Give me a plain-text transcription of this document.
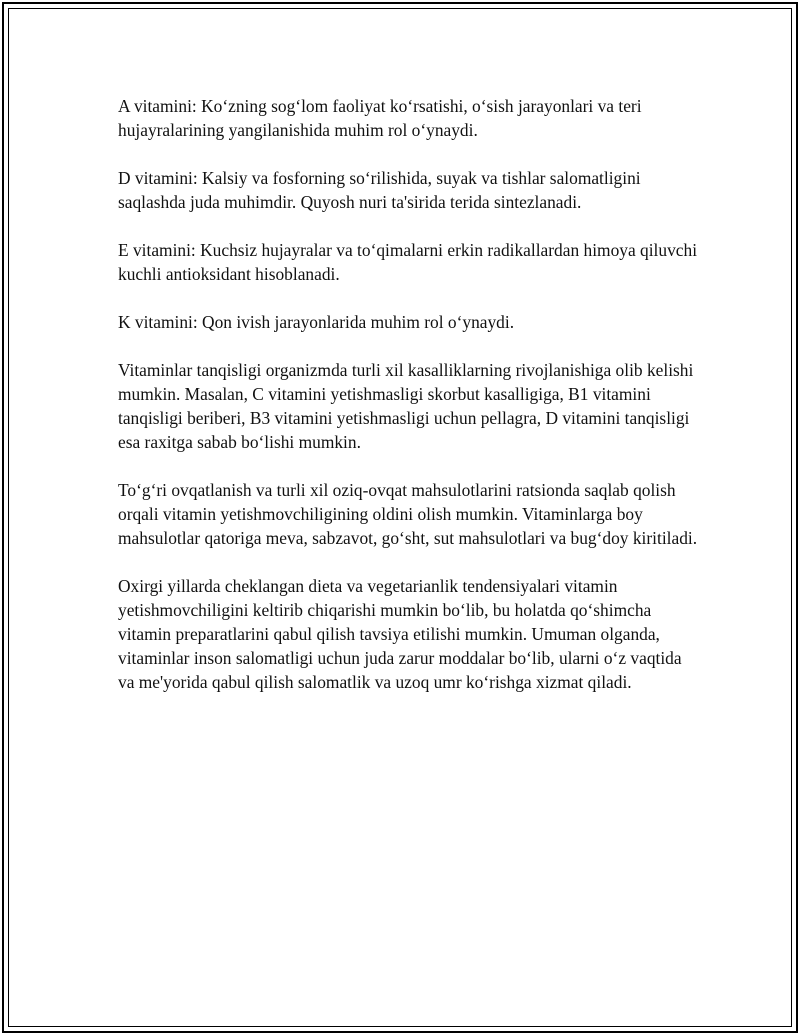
A vitamini: Ko‘zning sog‘lom faoliyat ko‘rsatishi, o‘sish jarayonlari va teri hujayralarining yangilanishida muhim rol o‘ynaydi.

D vitamini: Kalsiy va fosforning so‘rilishida, suyak va tishlar salomatligini saqlashda juda muhimdir. Quyosh nuri ta'sirida terida sintezlanadi.

E vitamini: Kuchsiz hujayralar va to‘qimalarni erkin radikallardan himoya qiluvchi kuchli antioksidant hisoblanadi.

K vitamini: Qon ivish jarayonlarida muhim rol o‘ynaydi.

Vitaminlar tanqisligi organizmda turli xil kasalliklarning rivojlanishiga olib kelishi mumkin. Masalan, C vitamini yetishmasligi skorbut kasalligiga, B1 vitamini tanqisligi beriberi, B3 vitamini yetishmasligi uchun pellagra, D vitamini tanqisligi esa raxitga sabab bo‘lishi mumkin.

To‘g‘ri ovqatlanish va turli xil oziq-ovqat mahsulotlarini ratsionda saqlab qolish orqali vitamin yetishmovchiligining oldini olish mumkin. Vitaminlarga boy mahsulotlar qatoriga meva, sabzavot, go‘sht, sut mahsulotlari va bug‘doy kiritiladi.

Oxirgi yillarda cheklangan dieta va vegetarianlik tendensiyalari vitamin yetishmovchiligini keltirib chiqarishi mumkin bo‘lib, bu holatda qo‘shimcha vitamin preparatlarini qabul qilish tavsiya etilishi mumkin. Umuman olganda, vitaminlar inson salomatligi uchun juda zarur moddalar bo‘lib, ularni o‘z vaqtida va me'yorida qabul qilish salomatlik va uzoq umr ko‘rishga xizmat qiladi.
